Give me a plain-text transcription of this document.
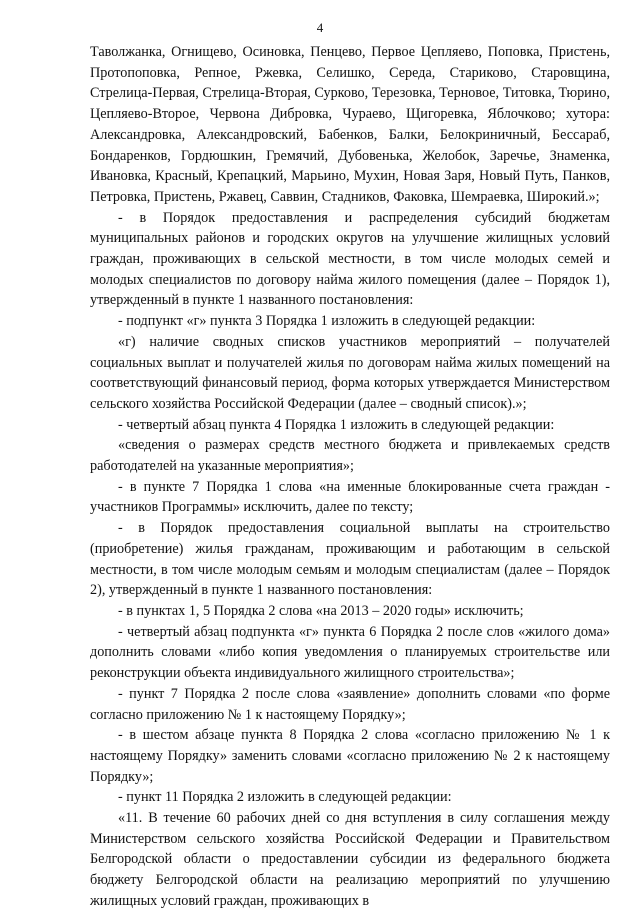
4

Таволжанка, Огнищево, Осиновка, Пенцево, Первое Цепляево, Поповка, Пристень, Протопоповка, Репное, Ржевка, Селишко, Середа, Стариково, Старовщина, Стрелица-Первая, Стрелица-Вторая, Сурково, Терезовка, Терновое, Титовка, Тюрино, Цепляево-Второе, Червона Дибровка, Чураево, Щигоревка, Яблочково; хутора: Александровка, Александровский, Бабенков, Балки, Белокриничный, Бессараб, Бондаренков, Гордюшкин, Гремячий, Дубовенька, Желобок, Заречье, Знаменка, Ивановка, Красный, Крепацкий, Марьино, Мухин, Новая Заря, Новый Путь, Панков, Петровка, Пристень, Ржавец, Саввин, Стадников, Факовка, Шемраевка, Широкий.»;

- в Порядок предоставления и распределения субсидий бюджетам муниципальных районов и городских округов на улучшение жилищных условий граждан, проживающих в сельской местности, в том числе молодых семей и молодых специалистов по договору найма жилого помещения (далее – Порядок 1), утвержденный в пункте 1 названного постановления:

- подпункт «г» пункта 3 Порядка 1 изложить в следующей редакции:

«г) наличие сводных списков участников мероприятий – получателей социальных выплат и получателей жилья по договорам найма жилых помещений на соответствующий финансовый период, форма которых утверждается Министерством сельского хозяйства Российской Федерации (далее – сводный список).»;

- четвертый абзац пункта 4 Порядка 1 изложить в следующей редакции:

«сведения о размерах средств местного бюджета и привлекаемых средств работодателей на указанные мероприятия»;

- в пункте 7 Порядка 1 слова «на именные блокированные счета граждан - участников Программы» исключить, далее по тексту;

- в Порядок предоставления социальной выплаты на строительство (приобретение) жилья гражданам, проживающим и работающим в сельской местности, в том числе молодым семьям и молодым специалистам (далее – Порядок 2), утвержденный в пункте 1 названного постановления:

- в пунктах 1, 5 Порядка 2 слова «на 2013 – 2020 годы» исключить;

- четвертый абзац подпункта «г» пункта 6 Порядка 2 после слов «жилого дома» дополнить словами «либо копия уведомления о планируемых строительстве или реконструкции объекта индивидуального жилищного строительства»;

- пункт 7 Порядка 2 после слова «заявление» дополнить словами «по форме согласно приложению № 1 к настоящему Порядку»;

- в шестом абзаце пункта 8 Порядка 2 слова «согласно приложению № 1 к настоящему Порядку» заменить словами «согласно приложению № 2 к настоящему Порядку»;

- пункт 11 Порядка 2 изложить в следующей редакции:

«11. В течение 60 рабочих дней со дня вступления в силу соглашения между Министерством сельского хозяйства Российской Федерации и Правительством Белгородской области о предоставлении субсидии из федерального бюджета бюджету Белгородской области на реализацию мероприятий по улучшению жилищных условий граждан, проживающих в
